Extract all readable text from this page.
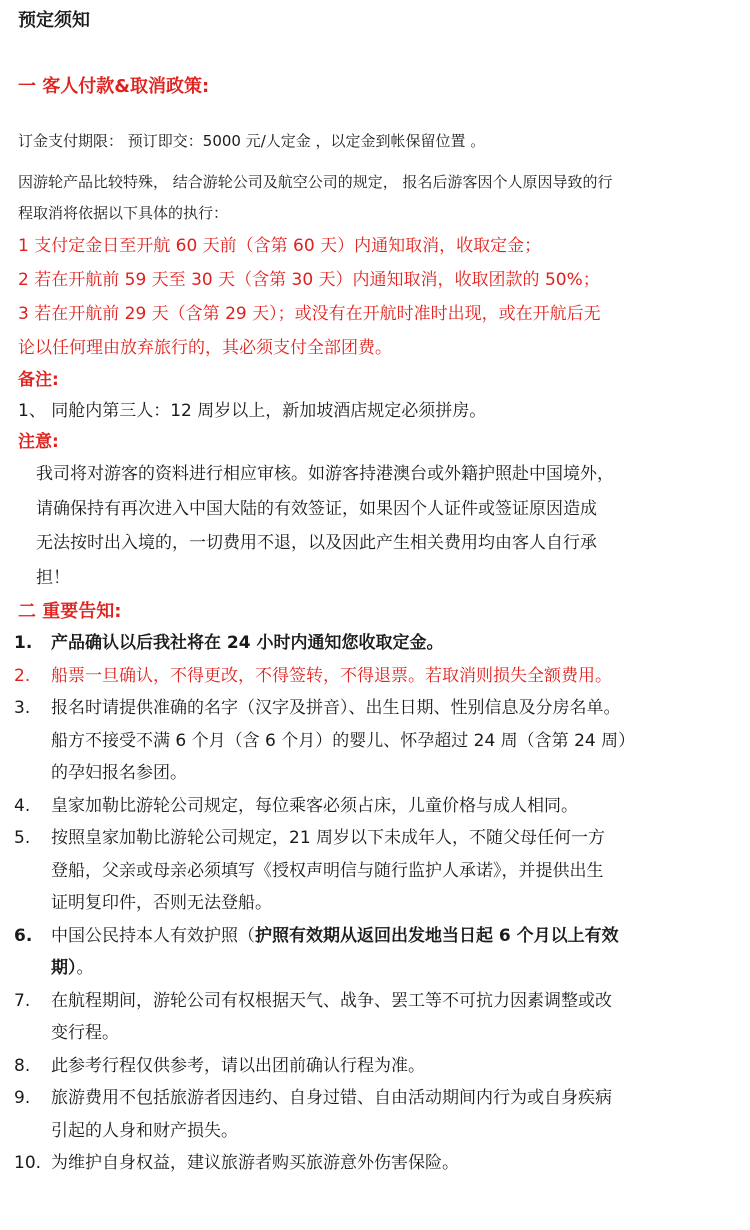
预定须知
一 客人付款&取消政策:
订金支付期限： 预订即交：5000 元/人定金 ，以定金到帐保留位置 。
因游轮产品比较特殊， 结合游轮公司及航空公司的规定， 报名后游客因个人原因导致的行
程取消将依据以下具体的执行：
1 支付定金日至开航 60 天前（含第 60 天）内通知取消，收取定金；
2 若在开航前 59 天至 30 天（含第 30 天）内通知取消，收取团款的 50%；
3 若在开航前 29 天（含第 29 天）；或没有在开航时准时出现，或在开航后无
论以任何理由放弃旅行的，其必须支付全部团费。
备注:
1、 同舱内第三人：12 周岁以上，新加坡酒店规定必须拼房。
注意:
我司将对游客的资料进行相应审核。如游客持港澳台或外籍护照赴中国境外，
请确保持有再次进入中国大陆的有效签证，如果因个人证件或签证原因造成
无法按时出入境的，一切费用不退，以及因此产生相关费用均由客人自行承
担！
二 重要告知:
1.	产品确认以后我社将在 24 小时内通知您收取定金。
2.	船票一旦确认，不得更改，不得签转，不得退票。若取消则损失全额费用。
3.	报名时请提供准确的名字（汉字及拼音）、出生日期、性别信息及分房名单。
船方不接受不满 6 个月（含 6 个月）的婴儿、怀孕超过 24 周（含第 24 周）
的孕妇报名参团。
4.	皇家加勒比游轮公司规定，每位乘客必须占床，儿童价格与成人相同。
5.	按照皇家加勒比游轮公司规定，21 周岁以下未成年人，不随父母任何一方
登船，父亲或母亲必须填写《授权声明信与随行监护人承诺》，并提供出生
证明复印件，否则无法登船。
6.	中国公民持本人有效护照（护照有效期从返回出发地当日起 6 个月以上有效
期）。
7.	在航程期间，游轮公司有权根据天气、战争、罢工等不可抗力因素调整或改
变行程。
8.	此参考行程仅供参考，请以出团前确认行程为准。
9.	旅游费用不包括旅游者因违约、自身过错、自由活动期间内行为或自身疾病
引起的人身和财产损失。
10. 为维护自身权益，建议旅游者购买旅游意外伤害保险。
